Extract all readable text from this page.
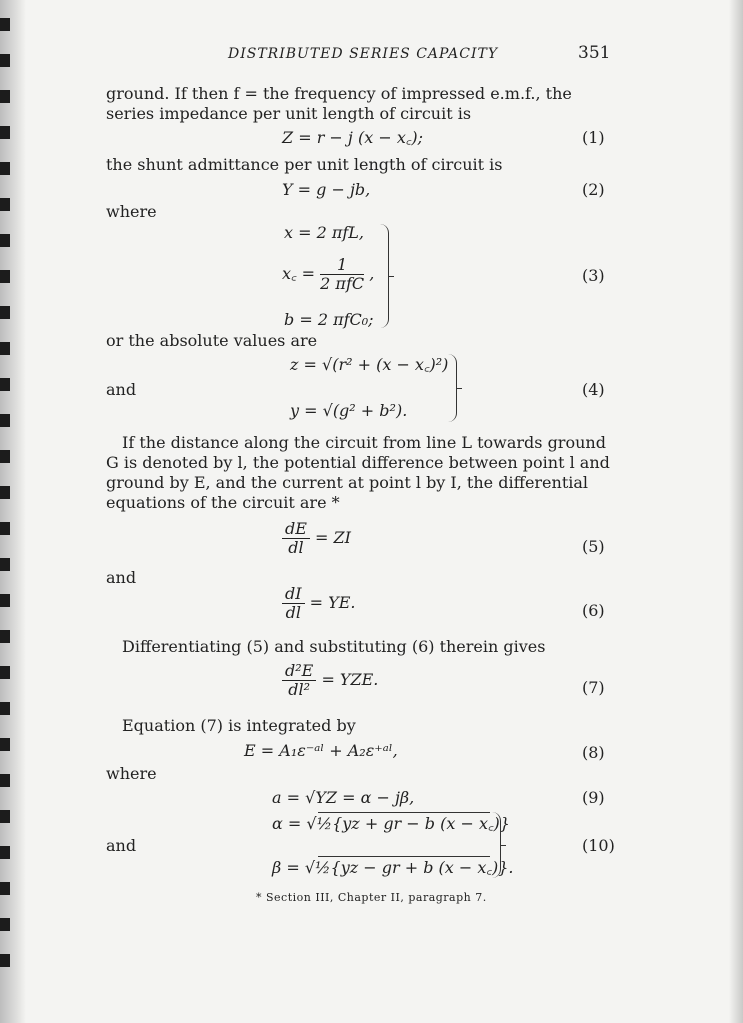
DISTRIBUTED SERIES CAPACITY	351
ground. If then f = the frequency of impressed e.m.f., the
series impedance per unit length of circuit is
Z = r − j (x − x꜀);	(1)
the shunt admittance per unit length of circuit is
Y = g − jb,	(2)
where
x = 2 πfL,
x꜀ = $\frac{1}{\text{2 πfC}}$ ,
b = 2 πfC₀;
(3)
or the absolute values are
z = √(r² + (x − x꜀)²)
y = √(g² + b²).
and	(4)
If the distance along the circuit from line L towards ground
G is denoted by l, the potential difference between point l and
ground by E, and the current at point l by I, the differential
equations of the circuit are *
$\frac{dE}{dl}$ = ZI	(5)
and
$\frac{dI}{dl}$ = YE.	(6)
Differentiating (5) and substituting (6) therein gives
$\frac{\text{d²E}}{\text{dl²}}$ = YZE.	(7)
Equation (7) is integrated by
E = A₁ε⁻ᵃˡ + A₂ε⁺ᵃˡ,	(8)
where
a = √YZ = α − jβ,	(9)
α = √½{yz + gr − b (x − x꜀)}
and
β = √½{yz − gr + b (x − x꜀)}.
(10)
* Section III, Chapter II, paragraph 7.
